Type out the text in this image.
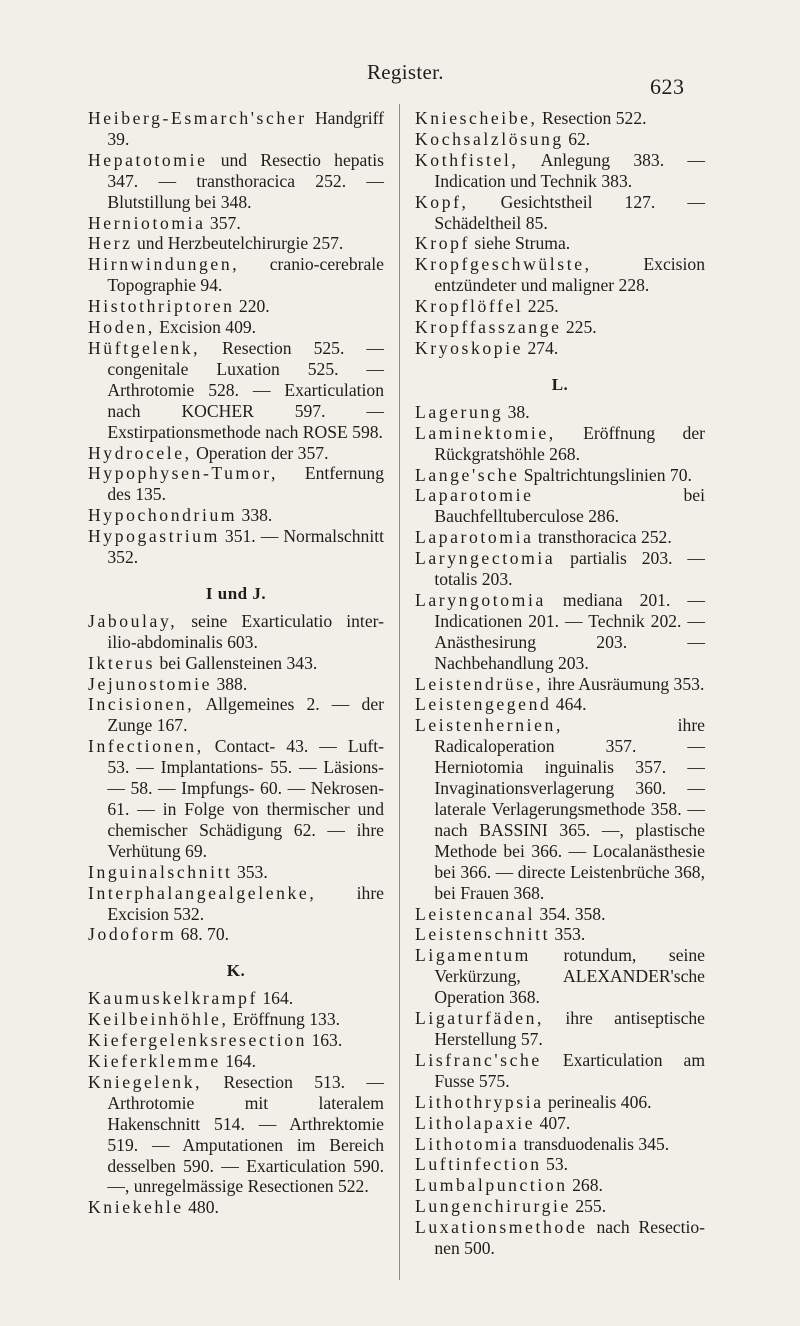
Register.
623

Heiberg-Esmarch'scher Handgriff 39.

Hepatotomie und Resectio hepatis 347. — transthoracica 252. — Blutstillung bei 348.

Herniotomia 357.

Herz und Herzbeutelchirurgie 257.

Hirnwindungen, cranio-cerebrale Topographie 94.

Histothriptoren 220.

Hoden, Excision 409.

Hüftgelenk, Resection 525. — congenitale Luxation 525. — Arthrotomie 528. — Exarticulation nach KOCHER 597. — Exstirpationsmethode nach ROSE 598.

Hydrocele, Operation der 357.

Hypophysen-Tumor, Entfernung des 135.

Hypochondrium 338.

Hypogastrium 351. — Normalschnitt 352.

I und J.

Jaboulay, seine Exarticulatio inter-ilio-abdominalis 603.

Ikterus bei Gallensteinen 343.

Jejunostomie 388.

Incisionen, Allgemeines 2. — der Zunge 167.

Infectionen, Contact- 43. — Luft- 53. — Implantations- 55. — Läsions- — 58. — Impfungs- 60. — Nekrosen- 61. — in Folge von thermischer und chemischer Schädigung 62. — ihre Verhütung 69.

Inguinalschnitt 353.

Interphalangealgelenke, ihre Excision 532.

Jodoform 68. 70.

K.

Kaumuskelkrampf 164.

Keilbeinhöhle, Eröffnung 133.

Kiefergelenksresection 163.

Kieferklemme 164.

Kniegelenk, Resection 513. — Arthrotomie mit lateralem Hakenschnitt 514. — Arthrektomie 519. — Amputationen im Bereich desselben 590. — Exarticulation 590. —, unregelmässige Resectionen 522.

Kniekehle 480.

Kniescheibe, Resection 522.

Kochsalzlösung 62.

Kothfistel, Anlegung 383. — Indication und Technik 383.

Kopf, Gesichtstheil 127. — Schädeltheil 85.

Kropf siehe Struma.

Kropfgeschwülste, Excision entzündeter und maligner 228.

Kropflöffel 225.

Kropffasszange 225.

Kryoskopie 274.

L.

Lagerung 38.

Laminektomie, Eröffnung der Rückgratshöhle 268.

Lange'sche Spaltrichtungslinien 70.

Laparotomie bei Bauchfelltuberculose 286.

Laparotomia transthoracica 252.

Laryngectomia partialis 203. — totalis 203.

Laryngotomia mediana 201. — Indicationen 201. — Technik 202. — Anästhesirung 203. — Nachbehandlung 203.

Leistendrüse, ihre Ausräumung 353.

Leistengegend 464.

Leistenhernien, ihre Radicaloperation 357. — Herniotomia inguinalis 357. — Invaginationsverlagerung 360. — laterale Verlagerungsmethode 358. — nach BASSINI 365. —, plastische Methode bei 366. — Localanästhesie bei 366. — directe Leistenbrüche 368, bei Frauen 368.

Leistencanal 354. 358.

Leistenschnitt 353.

Ligamentum rotundum, seine Verkürzung, ALEXANDER'sche Operation 368.

Ligaturfäden, ihre antiseptische Herstellung 57.

Lisfranc'sche Exarticulation am Fusse 575.

Lithothrypsia perinealis 406.

Litholapaxie 407.

Lithotomia transduodenalis 345.

Luftinfection 53.

Lumbalpunction 268.

Lungenchirurgie 255.

Luxationsmethode nach Resectio-nen 500.
